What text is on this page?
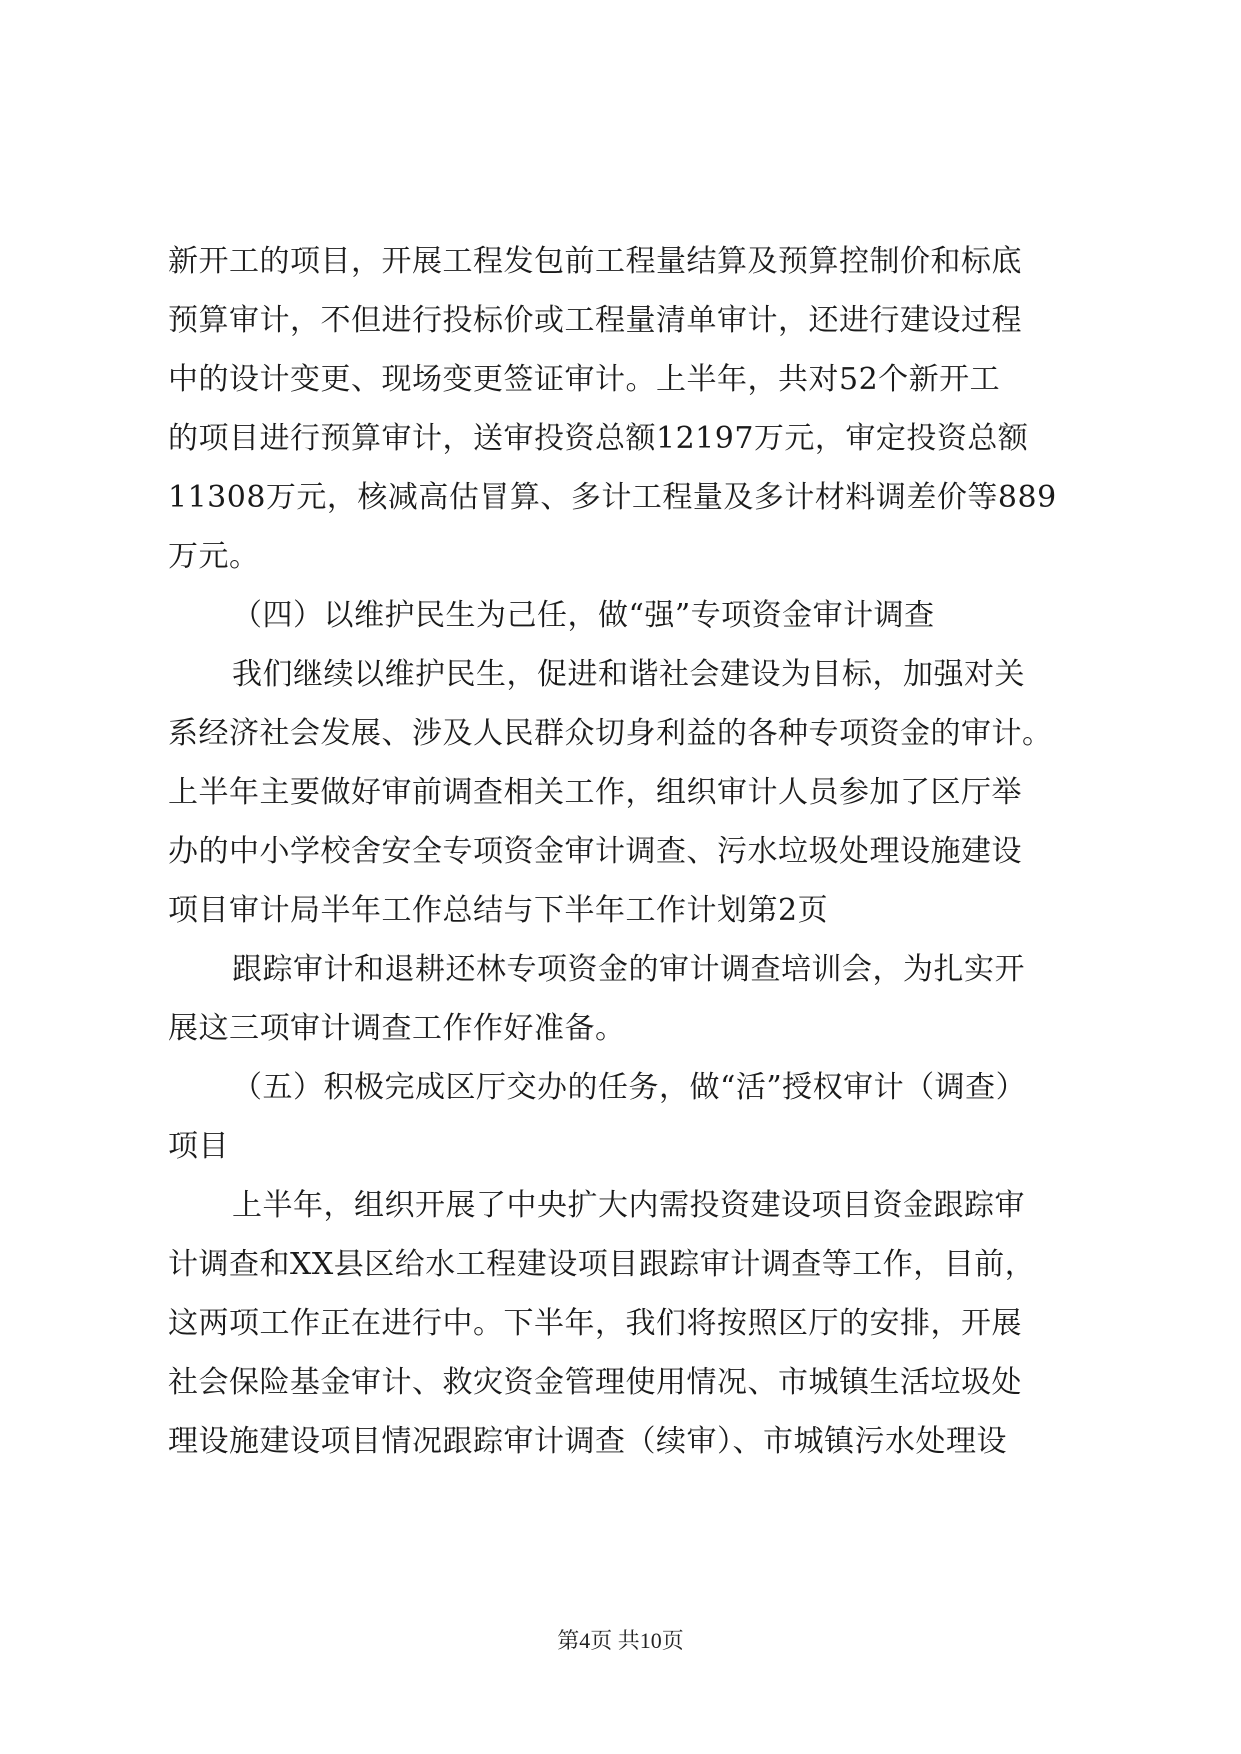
新开工的项目，开展工程发包前工程量结算及预算控制价和标底
预算审计，不但进行投标价或工程量清单审计，还进行建设过程
中的设计变更、现场变更签证审计。上半年，共对52个新开工
的项目进行预算审计，送审投资总额12197万元，审定投资总额
11308万元，核减高估冒算、多计工程量及多计材料调差价等889
万元。
（四）以维护民生为己任，做“强”专项资金审计调查
我们继续以维护民生，促进和谐社会建设为目标，加强对关
系经济社会发展、涉及人民群众切身利益的各种专项资金的审计。
上半年主要做好审前调查相关工作，组织审计人员参加了区厅举
办的中小学校舍安全专项资金审计调查、污水垃圾处理设施建设
项目审计局半年工作总结与下半年工作计划第2页
跟踪审计和退耕还林专项资金的审计调查培训会，为扎实开
展这三项审计调查工作作好准备。
（五）积极完成区厅交办的任务，做“活”授权审计（调查）
项目
上半年，组织开展了中央扩大内需投资建设项目资金跟踪审
计调查和XX县区给水工程建设项目跟踪审计调查等工作，目前，
这两项工作正在进行中。下半年，我们将按照区厅的安排，开展
社会保险基金审计、救灾资金管理使用情况、市城镇生活垃圾处
理设施建设项目情况跟踪审计调查（续审）、市城镇污水处理设
第4页 共10页
